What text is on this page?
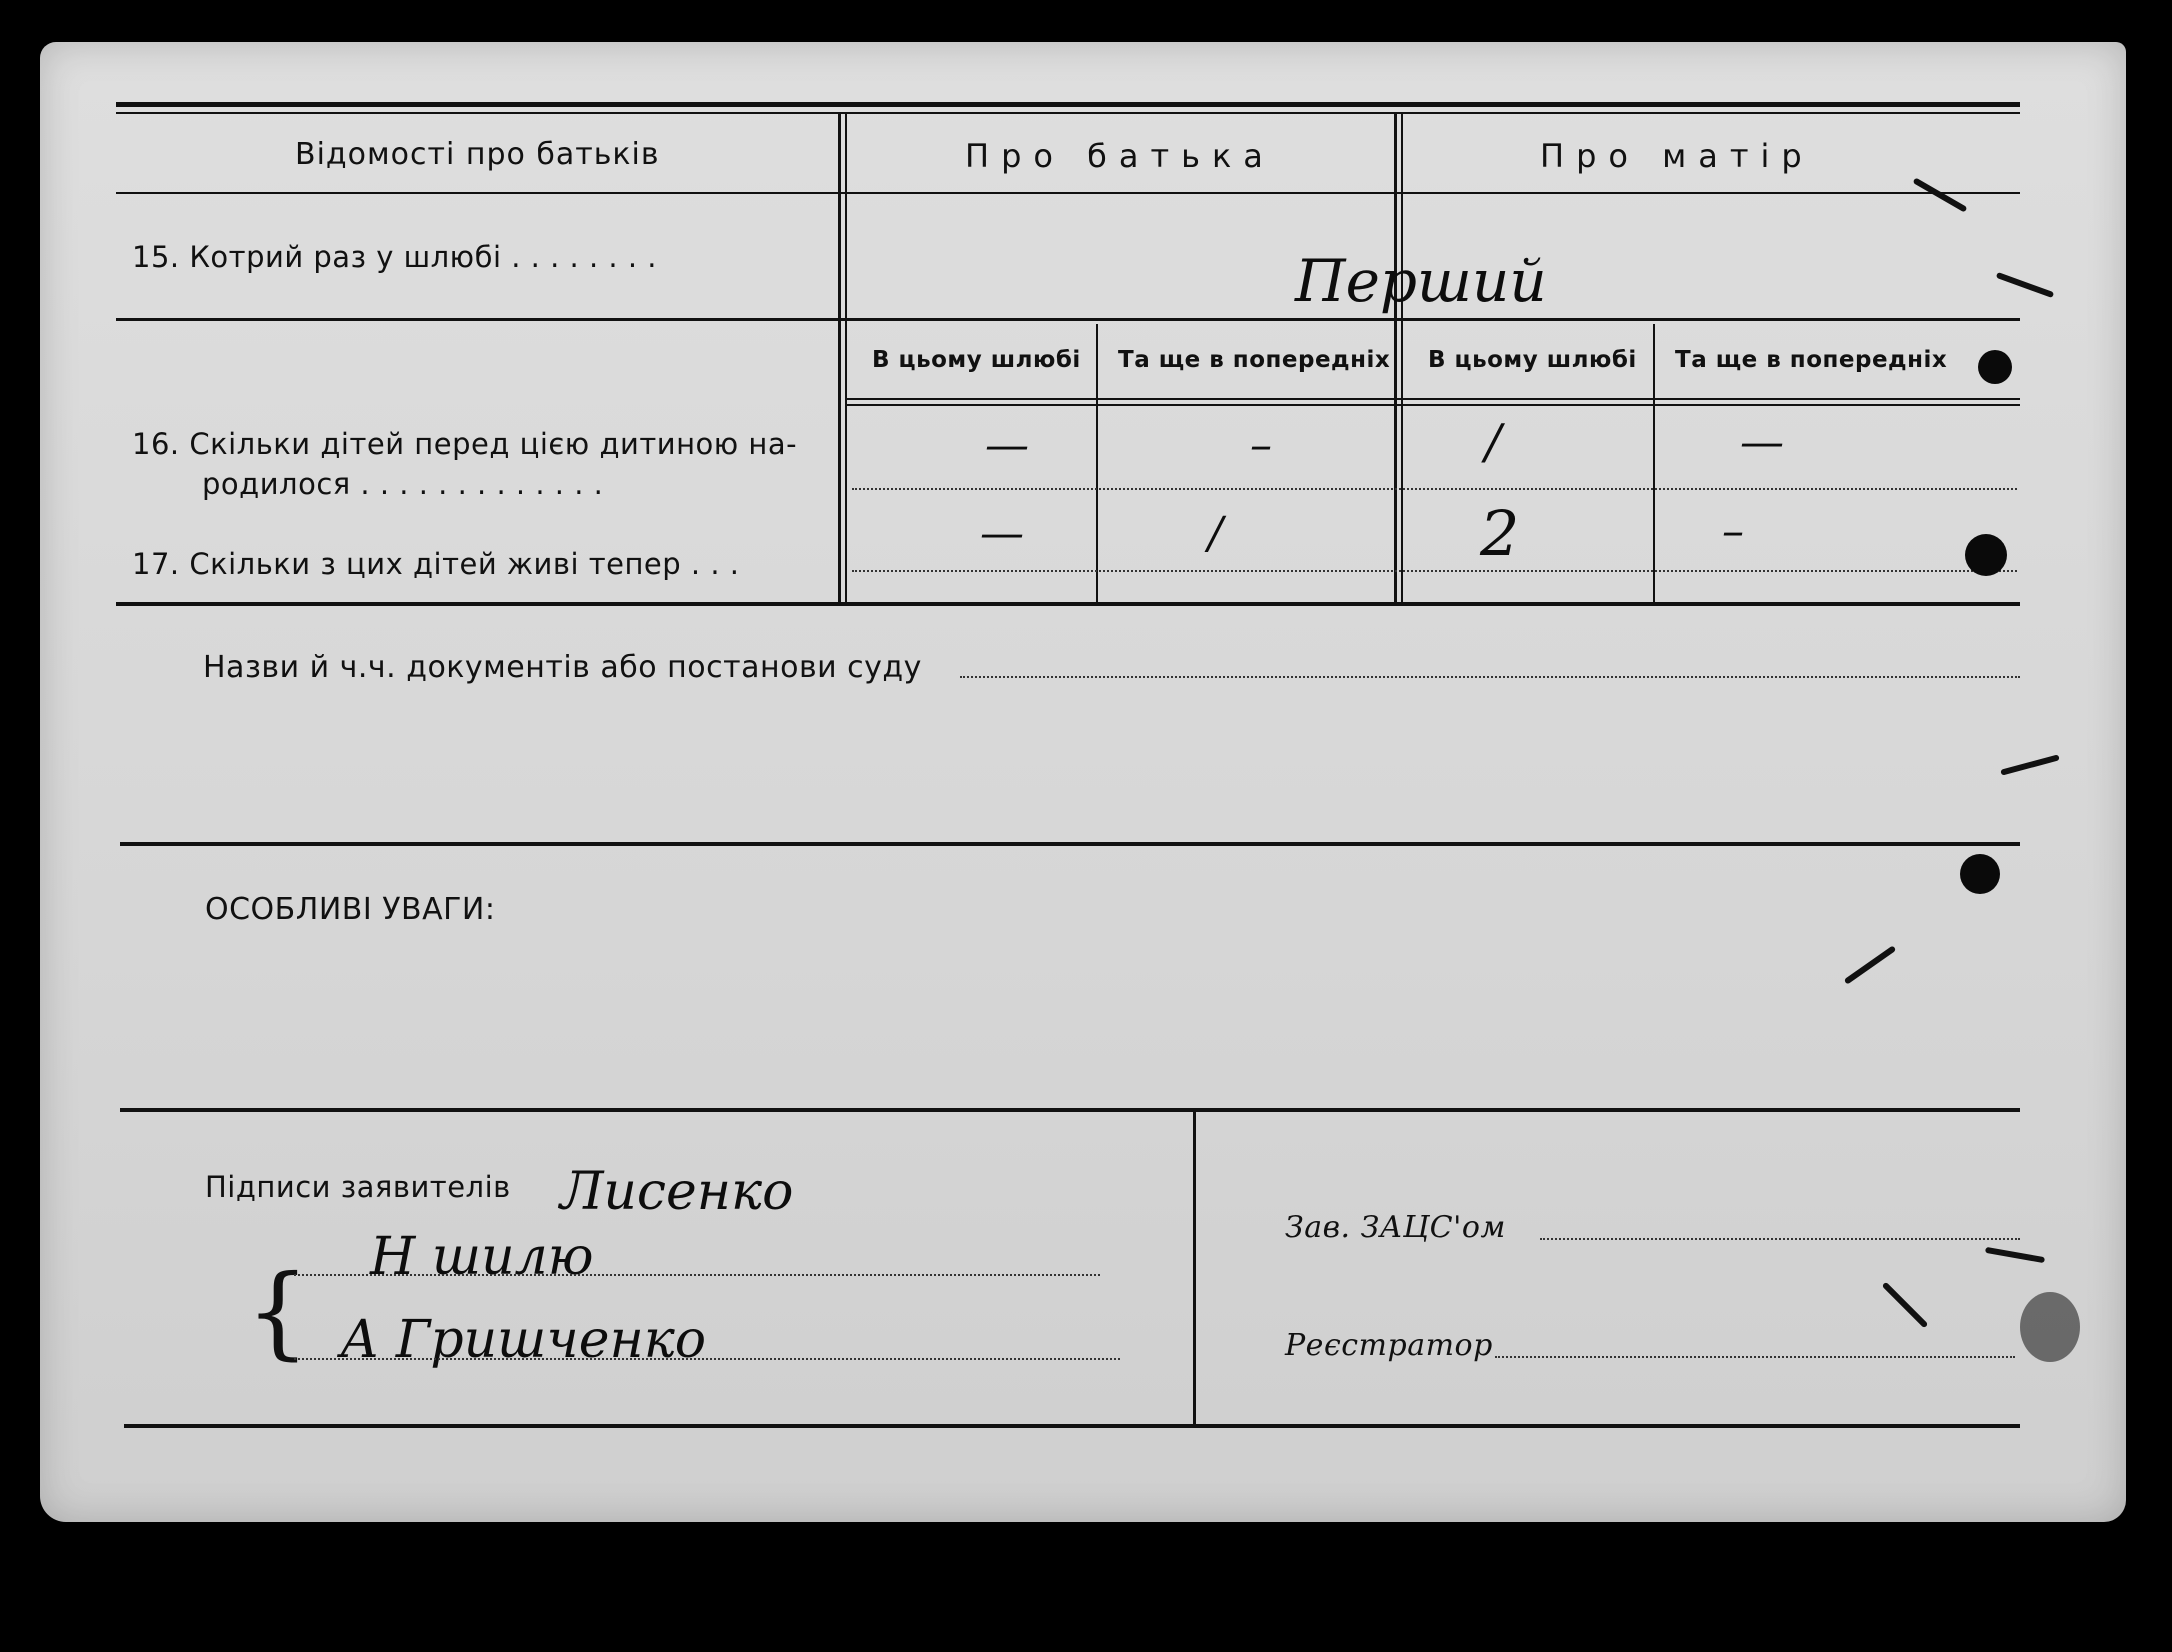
Відомості про батьків	Про батька	Про матір
15. Котрий раз у шлюбі . . . . . . . .	Перший
В цьому шлюбі Та ще в попередніх В цьому шлюбі Та ще в попередніх
16. Скільки дітей перед цією дитиною на-
родилося . . . . . . . . . . . . .
17. Скільки з цих дітей живі тепер . . .
—	–	/	—
—	/	2	–
Назви й ч.ч. документів або постанови суду
ОСОБЛИВІ УВАГИ:
Підписи заявителів Лисенко
{ Н шилю
А Гришченко
Зав. ЗАЦС'ом
Реєстратор
